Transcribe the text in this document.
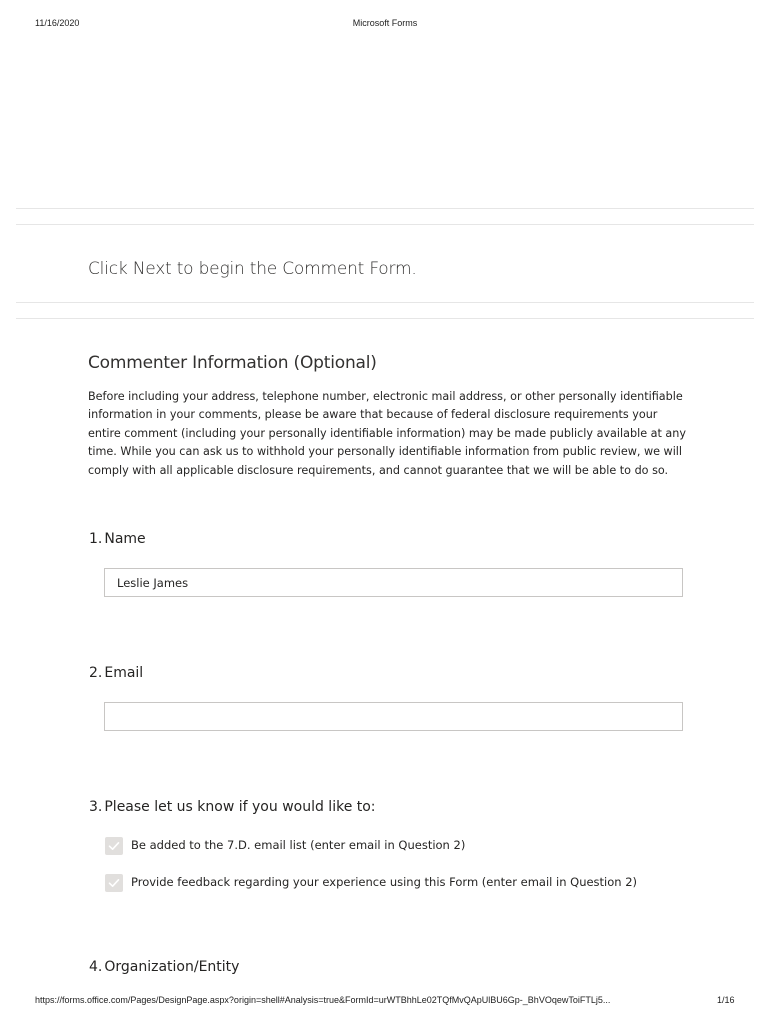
11/16/2020	Microsoft Forms
Click Next to begin the Comment Form.
Commenter Information (Optional)
Before including your address, telephone number, electronic mail address, or other personally identifiable information in your comments, please be aware that because of federal disclosure requirements your entire comment (including your personally identifiable information) may be made publicly available at any time. While you can ask us to withhold your personally identifiable information from public review, we will comply with all applicable disclosure requirements, and cannot guarantee that we will be able to do so.
1. Name
Leslie James
2. Email
3. Please let us know if you would like to:
Be added to the 7.D. email list (enter email in Question 2)
Provide feedback regarding your experience using this Form (enter email in Question 2)
4. Organization/Entity
https://forms.office.com/Pages/DesignPage.aspx?origin=shell#Analysis=true&FormId=urWTBhhLe02TQfMvQApUlBU6Gp-_BhVOqewToiFTLj5...	1/16
